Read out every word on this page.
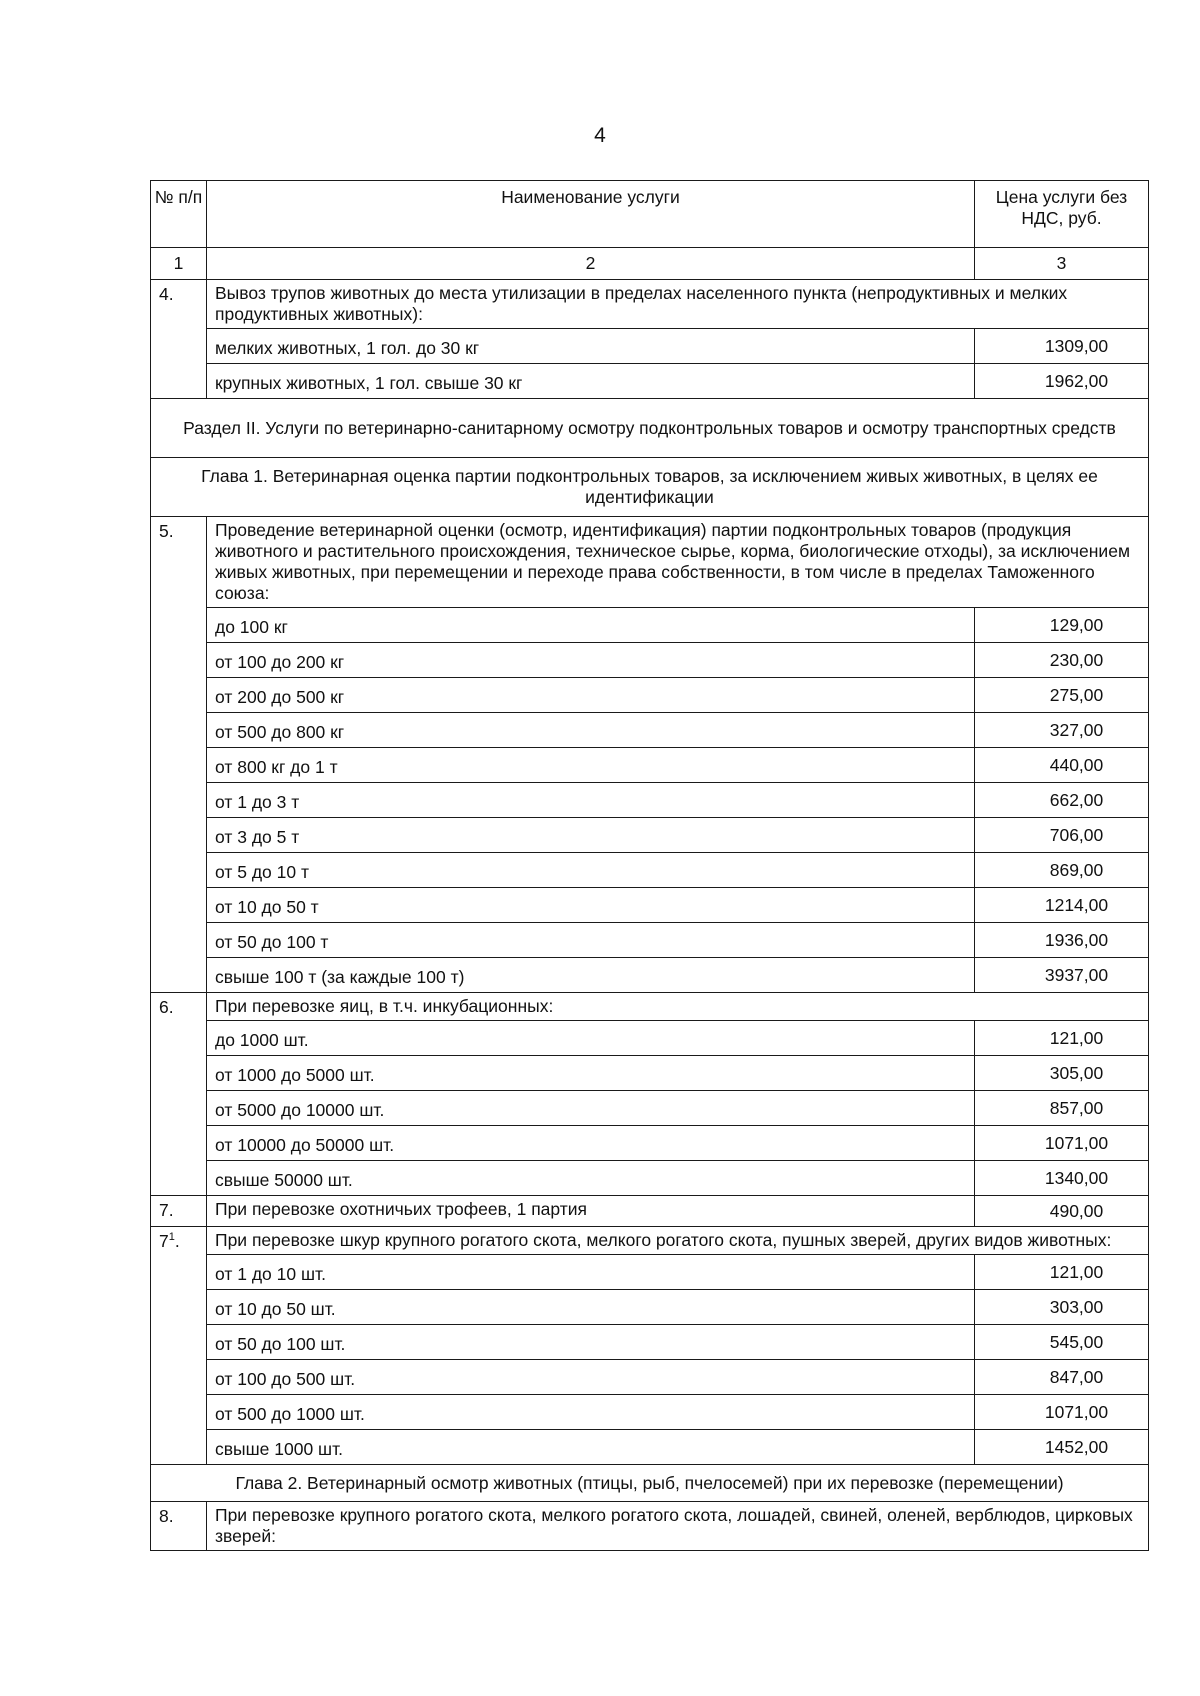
4
№ п/п	Наименование услуги	Цена услуги без НДС, руб.
1	2	3
4.	Вывоз трупов животных до места утилизации в пределах населенного пункта (непродуктивных и мелких продуктивных животных):	
	мелких животных, 1 гол. до 30 кг	1309,00
	крупных животных, 1 гол. свыше 30 кг	1962,00
Раздел II. Услуги по ветеринарно-санитарному осмотру подконтрольных товаров и осмотру транспортных средств		
Глава 1. Ветеринарная оценка партии подконтрольных товаров, за исключением живых животных, в целях ее идентификации		
5.	Проведение ветеринарной оценки (осмотр, идентификация) партии подконтрольных товаров (продукция животного и растительного происхождения, техническое сырье, корма, биологические отходы), за исключением живых животных, при перемещении и переходе права собственности, в том числе в пределах Таможенного союза:	
	до 100 кг	129,00
	от 100 до 200 кг	230,00
	от 200 до 500 кг	275,00
	от 500 до 800 кг	327,00
	от 800 кг до 1 т	440,00
	от 1 до 3 т	662,00
	от 3 до 5 т	706,00
	от 5 до 10 т	869,00
	от 10 до 50 т	1214,00
	от 50 до 100 т	1936,00
	свыше 100 т (за каждые 100 т)	3937,00
6.	При перевозке яиц, в т.ч. инкубационных:	
	до 1000 шт.	121,00
	от 1000 до 5000 шт.	305,00
	от 5000 до 10000 шт.	857,00
	от 10000 до 50000 шт.	1071,00
	свыше 50000 шт.	1340,00
7.	При перевозке охотничьих трофеев, 1 партия	490,00
$7^1$.	При перевозке шкур крупного рогатого скота, мелкого рогатого скота, пушных зверей, других видов животных:	
	от 1 до 10 шт.	121,00
	от 10 до 50 шт.	303,00
	от 50 до 100 шт.	545,00
	от 100 до 500 шт.	847,00
	от 500 до 1000 шт.	1071,00
	свыше 1000 шт.	1452,00
Глава 2. Ветеринарный осмотр животных (птицы, рыб, пчелосемей) при их перевозке (перемещении)		
8.	При перевозке крупного рогатого скота, мелкого рогатого скота, лошадей, свиней, оленей, верблюдов, цирковых зверей:	
